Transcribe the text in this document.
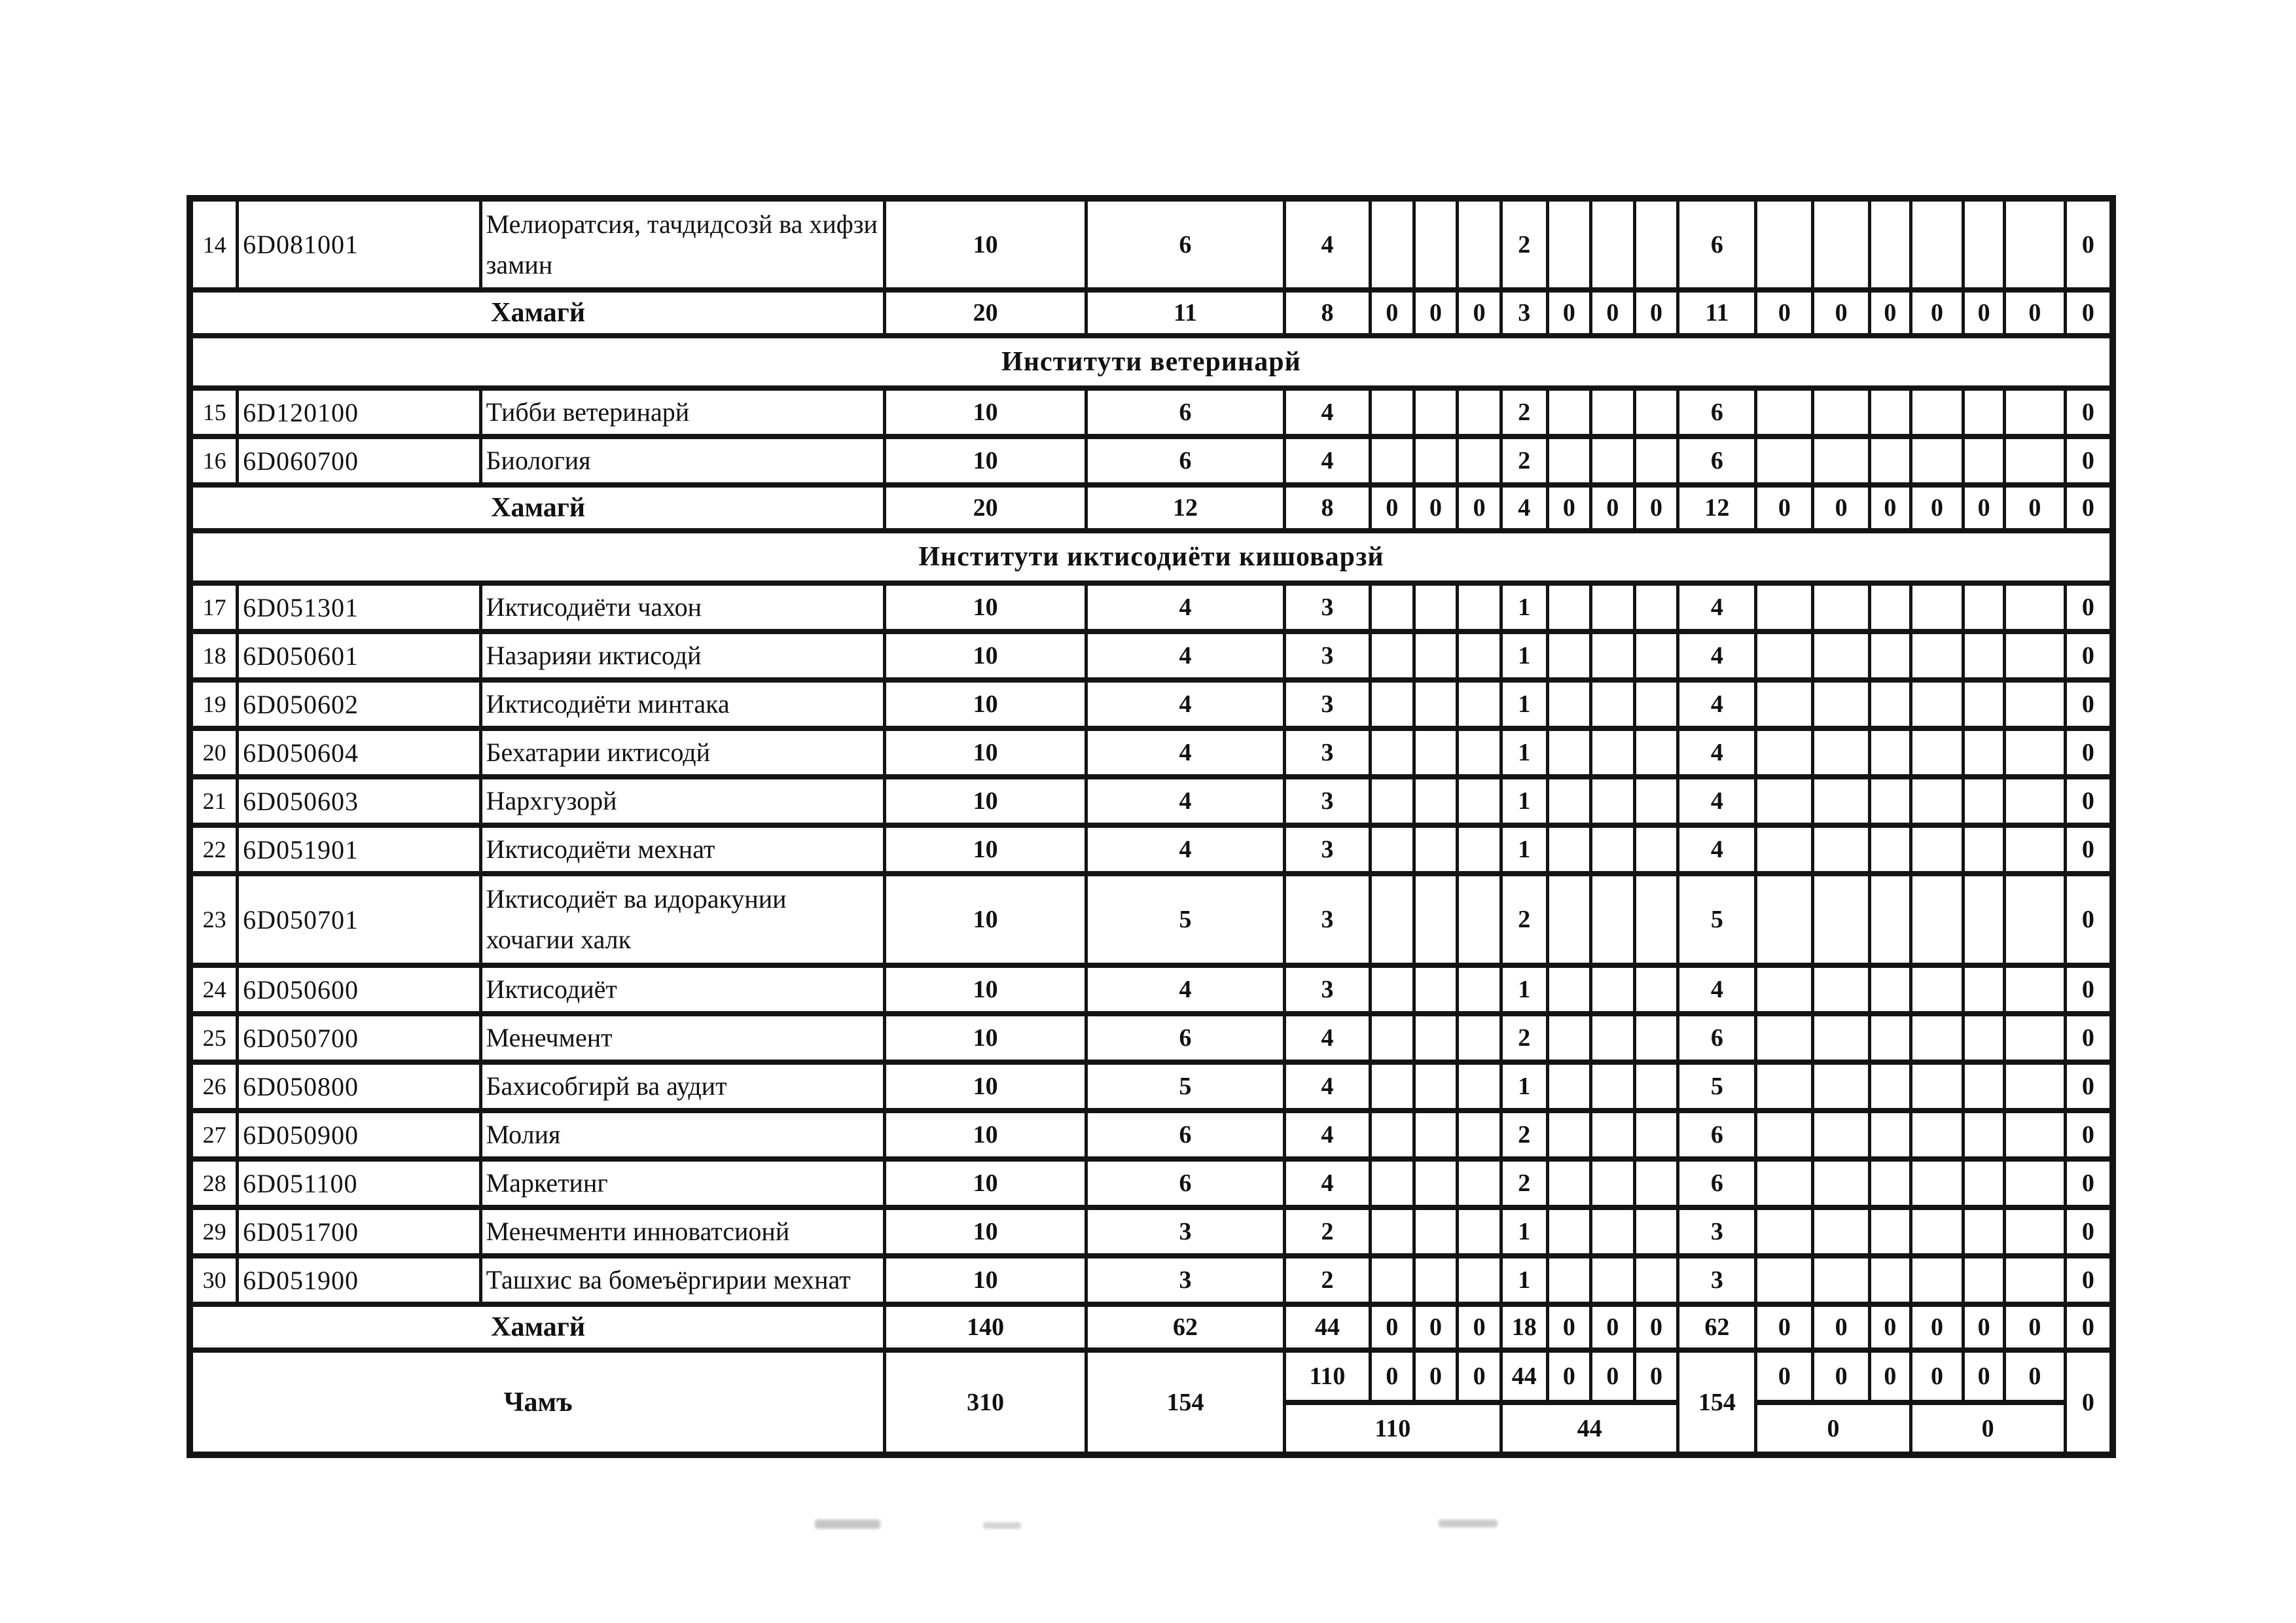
14	6D081001	Мелиоратсия, тачдидсозй ва хифзи замин	10	6	4				2				6							0
Хамагй			20	11	8	0	0	0	3	0	0	0	11	0	0	0	0	0	0	0
Институти ветеринарй																				
15	6D120100	Тибби ветеринарй	10	6	4				2				6							0
16	6D060700	Биология	10	6	4				2				6							0
Хамагй			20	12	8	0	0	0	4	0	0	0	12	0	0	0	0	0	0	0
Институти иктисодиёти кишоварзй																				
17	6D051301	Иктисодиёти чахон	10	4	3				1				4							0
18	6D050601	Назарияи иктисодй	10	4	3				1				4							0
19	6D050602	Иктисодиёти минтака	10	4	3				1				4							0
20	6D050604	Бехатарии иктисодй	10	4	3				1				4							0
21	6D050603	Нархгузорй	10	4	3				1				4							0
22	6D051901	Иктисодиёти мехнат	10	4	3				1				4							0
23	6D050701	Иктисодиёт ва идоракунии хочагии халк	10	5	3				2				5							0
24	6D050600	Иктисодиёт	10	4	3				1				4							0
25	6D050700	Менечмент	10	6	4				2				6							0
26	6D050800	Бахисобгирй ва аудит	10	5	4				1				5							0
27	6D050900	Молия	10	6	4				2				6							0
28	6D051100	Маркетинг	10	6	4				2				6							0
29	6D051700	Менечменти инноватсионй	10	3	2				1				3							0
30	6D051900	Ташхис ва бомеъёргирии мехнат	10	3	2				1				3							0
Хамагй			140	62	44	0	0	0	18	0	0	0	62	0	0	0	0	0	0	0
Чамъ			310	154	110	0	0	0	44	0	0	0	154	0	0	0	0	0	0	0
					110				44					0			0			
